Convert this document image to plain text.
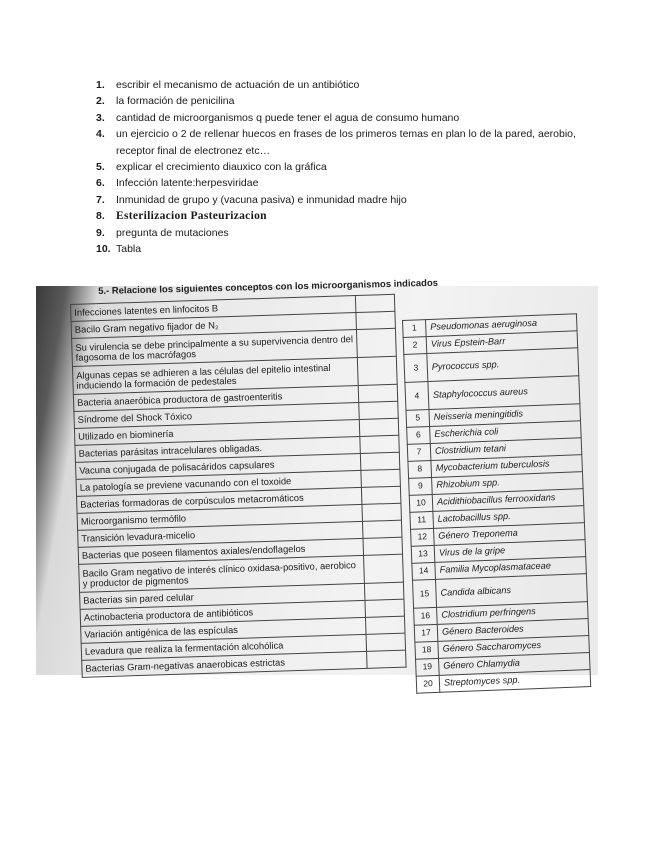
1. escribir el mecanismo de actuación de un antibiótico
2. la formación de penicilina
3. cantidad de microorganismos q puede tener el agua de consumo humano
4. un ejercicio o 2 de rellenar huecos en frases de los primeros temas en plan lo de la pared, aerobio,
receptor final de electronez etc…
5. explicar el crecimiento diauxico con la gráfica
6. Infección latente:herpesviridae
7. Inmunidad de grupo y (vacuna pasiva) e inmunidad madre hijo
8. Esterilizacion Pasteurizacion
9. pregunta de mutaciones
10. Tabla
5.- Relacione los siguientes conceptos con los microorganismos indicados
Infecciones latentes en linfocitos B	
Bacilo Gram negativo fijador de N₂	
Su virulencia se debe principalmente a su supervivencia dentro del fagosoma de los macrófagos	
Algunas cepas se adhieren a las células del epitelio intestinal induciendo la formación de pedestales	
Bacteria anaeróbica productora de gastroenteritis	
Síndrome del Shock Tóxico	
Utilizado en biominería	
Bacterias parásitas intracelulares obligadas.	
Vacuna conjugada de polisacáridos capsulares	
La patología se previene vacunando con el toxoide	
Bacterias formadoras de corpúsculos metacromáticos	
Microorganismo termófilo	
Transición levadura-micelio	
Bacterias que poseen filamentos axiales/endoflagelos	
Bacilo Gram negativo de interés clínico oxidasa-positivo, aerobico y productor de pigmentos	
Bacterias sin pared celular	
Actinobacteria productora de antibióticos	
Variación antigénica de las espículas	
Levadura que realiza la fermentación alcohólica	
Bacterias Gram-negativas anaerobicas estrictas	
1	Pseudomonas aeruginosa
2	Virus Epstein-Barr
3	Pyrococcus spp.
4	Staphylococcus aureus
5	Neisseria meningitidis
6	Escherichia coli
7	Clostridium tetani
8	Mycobacterium tuberculosis
9	Rhizobium spp.
10	Acidithiobacillus ferrooxidans
11	Lactobacillus spp.
12	Género Treponema
13	Virus de la gripe
14	Familia Mycoplasmataceae
15	Candida albicans
16	Clostridium perfringens
17	Género Bacteroides
18	Género Saccharomyces
19	Género Chlamydia
20	Streptomyces spp.
